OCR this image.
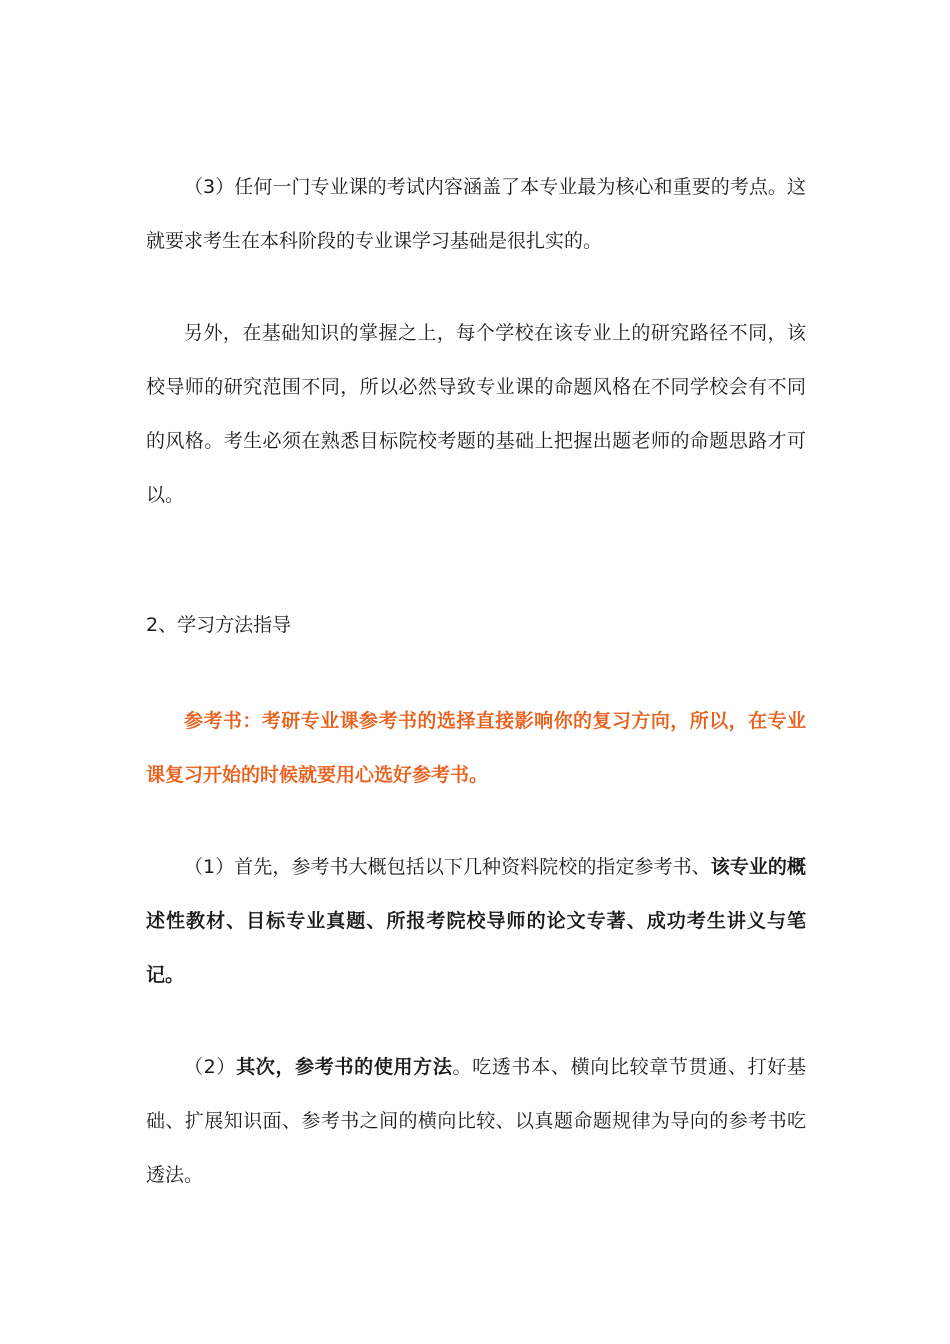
（3）任何一门专业课的考试内容涵盖了本专业最为核心和重要的考点。这就要求考生在本科阶段的专业课学习基础是很扎实的。

另外，在基础知识的掌握之上，每个学校在该专业上的研究路径不同，该校导师的研究范围不同，所以必然导致专业课的命题风格在不同学校会有不同的风格。考生必须在熟悉目标院校考题的基础上把握出题老师的命题思路才可以。

2、学习方法指导

参考书：考研专业课参考书的选择直接影响你的复习方向，所以，在专业课复习开始的时候就要用心选好参考书。

（1）首先，参考书大概包括以下几种资料院校的指定参考书、该专业的概述性教材、目标专业真题、所报考院校导师的论文专著、成功考生讲义与笔记。

（2）其次，参考书的使用方法。吃透书本、横向比较章节贯通、打好基础、扩展知识面、参考书之间的横向比较、以真题命题规律为导向的参考书吃透法。
